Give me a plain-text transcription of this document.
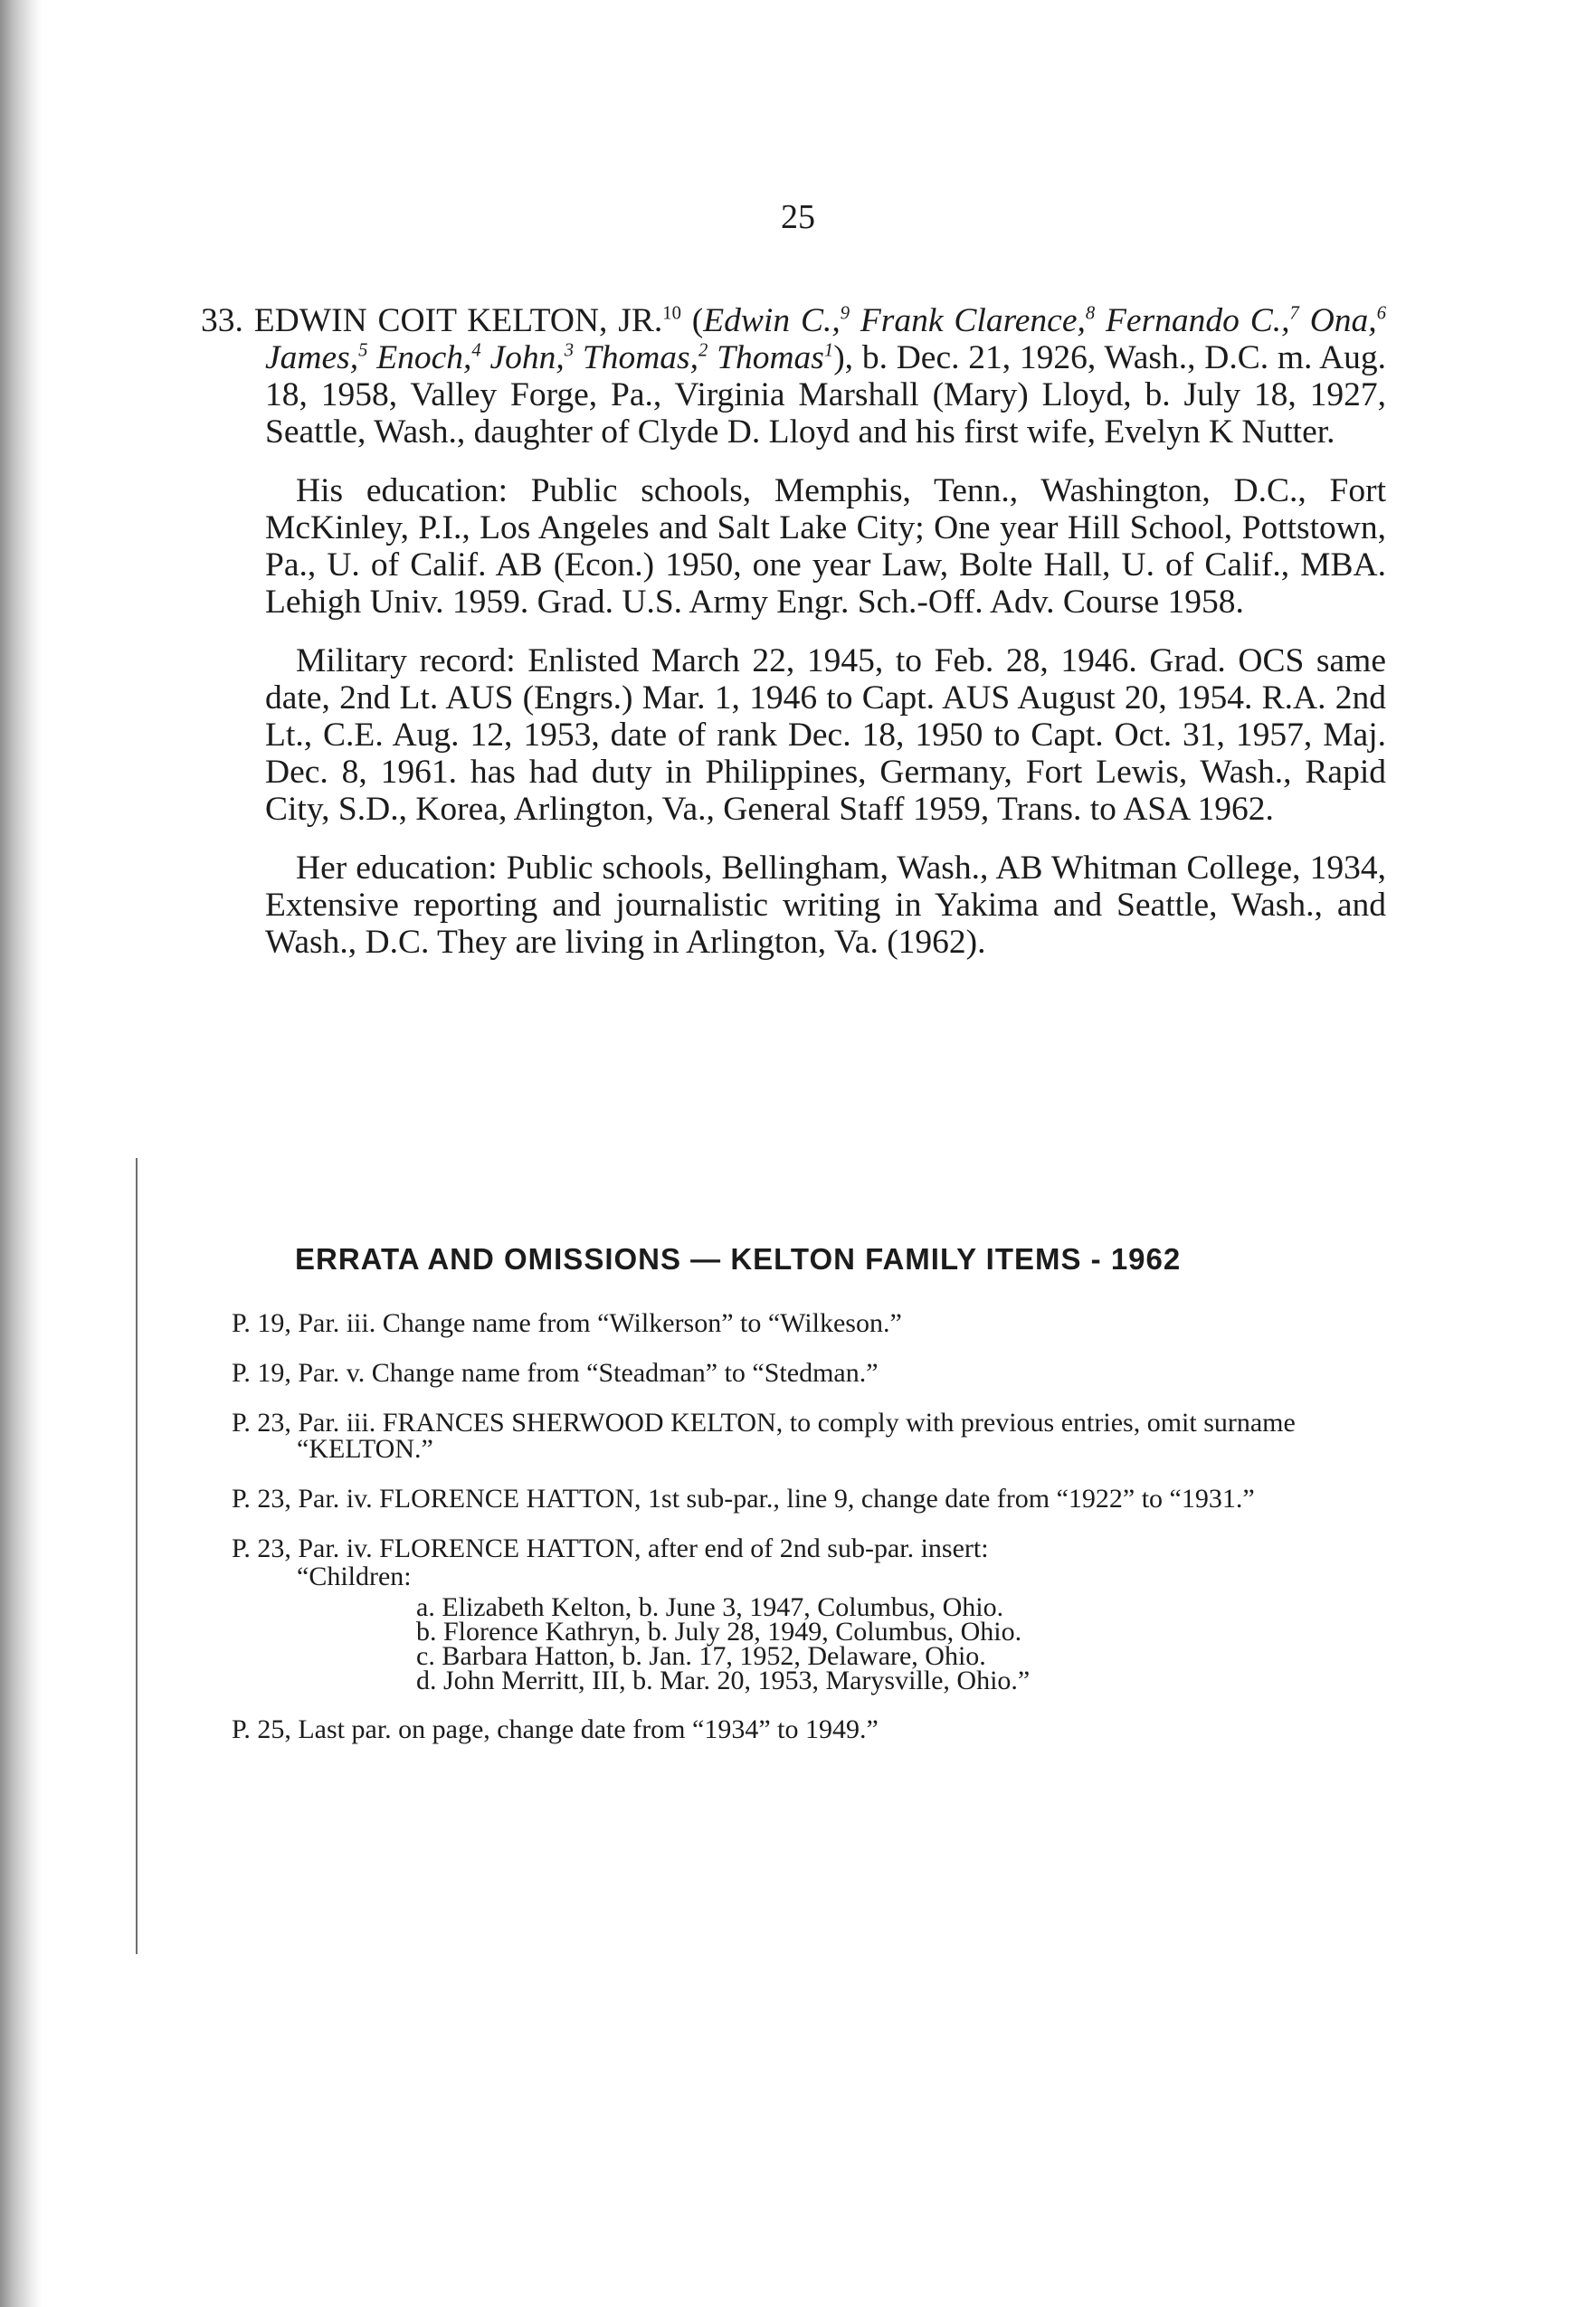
25

33. EDWIN COIT KELTON, JR.$^{10}$ (Edwin C.,$^9$ Frank Clarence,$^8$ Fernando C.,$^7$ Ona,$^6$ James,$^5$ Enoch,$^4$ John,$^3$ Thomas,$^2$ Thomas$^1$), b. Dec. 21, 1926, Wash., D.C. m. Aug. 18, 1958, Valley Forge, Pa., Virginia Marshall (Mary) Lloyd, b. July 18, 1927, Seattle, Wash., daughter of Clyde D. Lloyd and his first wife, Evelyn K Nutter.

His education: Public schools, Memphis, Tenn., Washington, D.C., Fort McKinley, P.I., Los Angeles and Salt Lake City; One year Hill School, Pottstown, Pa., U. of Calif. AB (Econ.) 1950, one year Law, Bolte Hall, U. of Calif., MBA. Lehigh Univ. 1959. Grad. U.S. Army Engr. Sch.-Off. Adv. Course 1958.

Military record: Enlisted March 22, 1945, to Feb. 28, 1946. Grad. OCS same date, 2nd Lt. AUS (Engrs.) Mar. 1, 1946 to Capt. AUS August 20, 1954. R.A. 2nd Lt., C.E. Aug. 12, 1953, date of rank Dec. 18, 1950 to Capt. Oct. 31, 1957, Maj. Dec. 8, 1961. has had duty in Philippines, Germany, Fort Lewis, Wash., Rapid City, S.D., Korea, Arlington, Va., General Staff 1959, Trans. to ASA 1962.

Her education: Public schools, Bellingham, Wash., AB Whitman College, 1934, Extensive reporting and journalistic writing in Yakima and Seattle, Wash., and Wash., D.C. They are living in Arlington, Va. (1962).

ERRATA AND OMISSIONS — KELTON FAMILY ITEMS - 1962
P. 19, Par. iii. Change name from “Wilkerson” to “Wilkeson.”
P. 19, Par. v. Change name from “Steadman” to “Stedman.”
P. 23, Par. iii. FRANCES SHERWOOD KELTON, to comply with previous entries, omit surname “KELTON.”
P. 23, Par. iv. FLORENCE HATTON, 1st sub-par., line 9, change date from “1922” to “1931.”
P. 23, Par. iv. FLORENCE HATTON, after end of 2nd sub-par. insert:
“Children:
a. Elizabeth Kelton, b. June 3, 1947, Columbus, Ohio.
b. Florence Kathryn, b. July 28, 1949, Columbus, Ohio.
c. Barbara Hatton, b. Jan. 17, 1952, Delaware, Ohio.
d. John Merritt, III, b. Mar. 20, 1953, Marysville, Ohio.”
P. 25, Last par. on page, change date from “1934” to 1949.”
